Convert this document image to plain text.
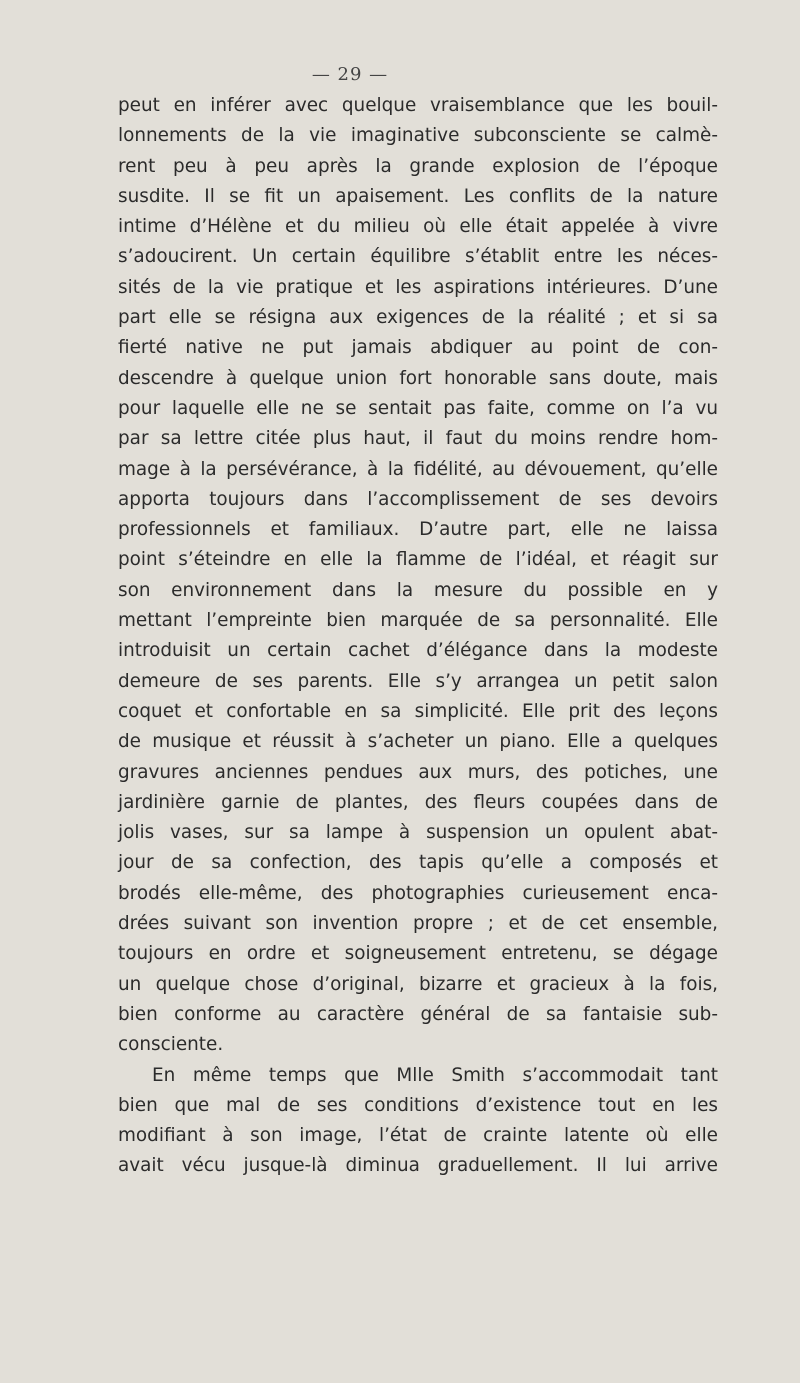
— 29 —
peut en inférer avec quelque vraisemblance que les bouil-
lonnements de la vie imaginative subconsciente se calmè-
rent peu à peu après la grande explosion de l’époque
susdite. Il se fit un apaisement. Les conflits de la nature
intime d’Hélène et du milieu où elle était appelée à vivre
s’adoucirent. Un certain équilibre s’établit entre les néces-
sités de la vie pratique et les aspirations intérieures. D’une
part elle se résigna aux exigences de la réalité ; et si sa
fierté native ne put jamais abdiquer au point de con-
descendre à quelque union fort honorable sans doute, mais
pour laquelle elle ne se sentait pas faite, comme on l’a vu
par sa lettre citée plus haut, il faut du moins rendre hom-
mage à la persévérance, à la fidélité, au dévouement, qu’elle
apporta toujours dans l’accomplissement de ses devoirs
professionnels et familiaux. D’autre part, elle ne laissa
point s’éteindre en elle la flamme de l’idéal, et réagit sur
son environnement dans la mesure du possible en y
mettant l’empreinte bien marquée de sa personnalité. Elle
introduisit un certain cachet d’élégance dans la modeste
demeure de ses parents. Elle s’y arrangea un petit salon
coquet et confortable en sa simplicité. Elle prit des leçons
de musique et réussit à s’acheter un piano. Elle a quelques
gravures anciennes pendues aux murs, des potiches, une
jardinière garnie de plantes, des fleurs coupées dans de
jolis vases, sur sa lampe à suspension un opulent abat-
jour de sa confection, des tapis qu’elle a composés et
brodés elle-même, des photographies curieusement enca-
drées suivant son invention propre ; et de cet ensemble,
toujours en ordre et soigneusement entretenu, se dégage
un quelque chose d’original, bizarre et gracieux à la fois,
bien conforme au caractère général de sa fantaisie sub-
consciente.
En même temps que Mlle Smith s’accommodait tant
bien que mal de ses conditions d’existence tout en les
modifiant à son image, l’état de crainte latente où elle
avait vécu jusque-là diminua graduellement. Il lui arrive
